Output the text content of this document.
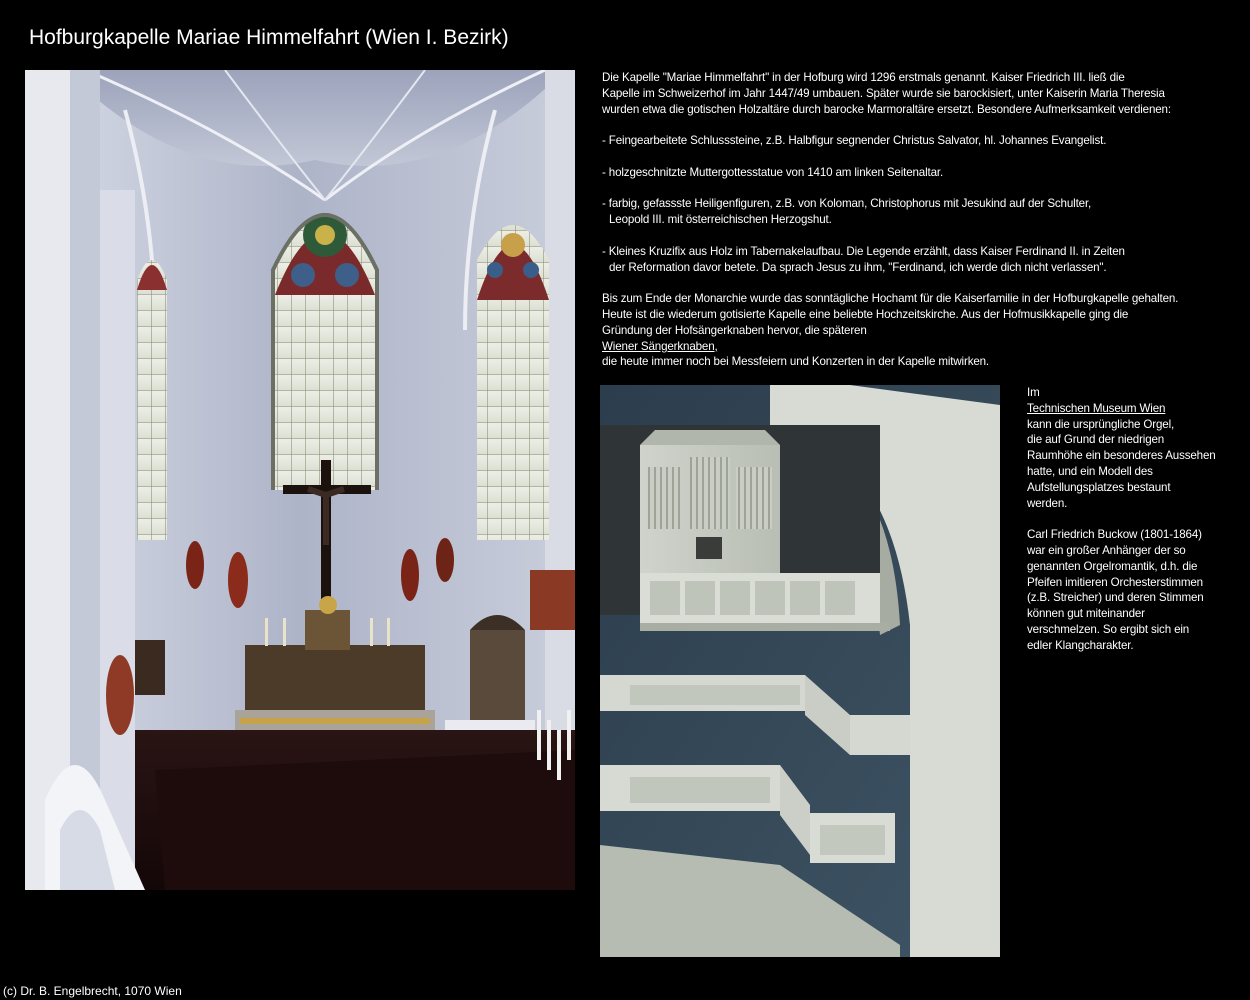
Hofburgkapelle Mariae Himmelfahrt (Wien I. Bezirk)
Die Kapelle "Mariae Himmelfahrt" in der Hofburg wird 1296 erstmals genannt. Kaiser Friedrich III. ließ die
Kapelle im Schweizerhof im Jahr 1447/49 umbauen. Später wurde sie barockisiert, unter Kaiserin Maria Theresia
wurden etwa die gotischen Holzaltäre durch barocke Marmoraltäre ersetzt. Besondere Aufmerksamkeit verdienen:
- Feingearbeitete Schlusssteine, z.B. Halbfigur segnender Christus Salvator, hl. Johannes Evangelist.
- holzgeschnitzte Muttergottesstatue von 1410 am linken Seitenaltar.
- farbig, gefassste Heiligenfiguren, z.B. von Koloman, Christophorus mit Jesukind auf der Schulter,
Leopold III. mit österreichischen Herzogshut.
- Kleines Kruzifix aus Holz im Tabernakelaufbau. Die Legende erzählt, dass Kaiser Ferdinand II. in Zeiten
der Reformation davor betete. Da sprach Jesus zu ihm, "Ferdinand, ich werde dich nicht verlassen".
Bis zum Ende der Monarchie wurde das sonntägliche Hochamt für die Kaiserfamilie in der Hofburgkapelle gehalten.
Heute ist die wiederum gotisierte Kapelle eine beliebte Hochzeitskirche. Aus der Hofmusikkapelle ging die
Gründung der Hofsängerknaben hervor, die späteren
Wiener Sängerknaben,
die heute immer noch bei Messfeiern und Konzerten in der Kapelle mitwirken.
Im
Technischen Museum Wien
kann die ursprüngliche Orgel,
die auf Grund der niedrigen
Raumhöhe ein besonderes Aussehen
hatte, und ein Modell des
Aufstellungsplatzes bestaunt
werden.
Carl Friedrich Buckow (1801-1864)
war ein großer Anhänger der so
genannten Orgelromantik, d.h. die
Pfeifen imitieren Orchesterstimmen
(z.B. Streicher) und deren Stimmen
können gut miteinander
verschmelzen. So ergibt sich ein
edler Klangcharakter.
(c) Dr. B. Engelbrecht, 1070 Wien
